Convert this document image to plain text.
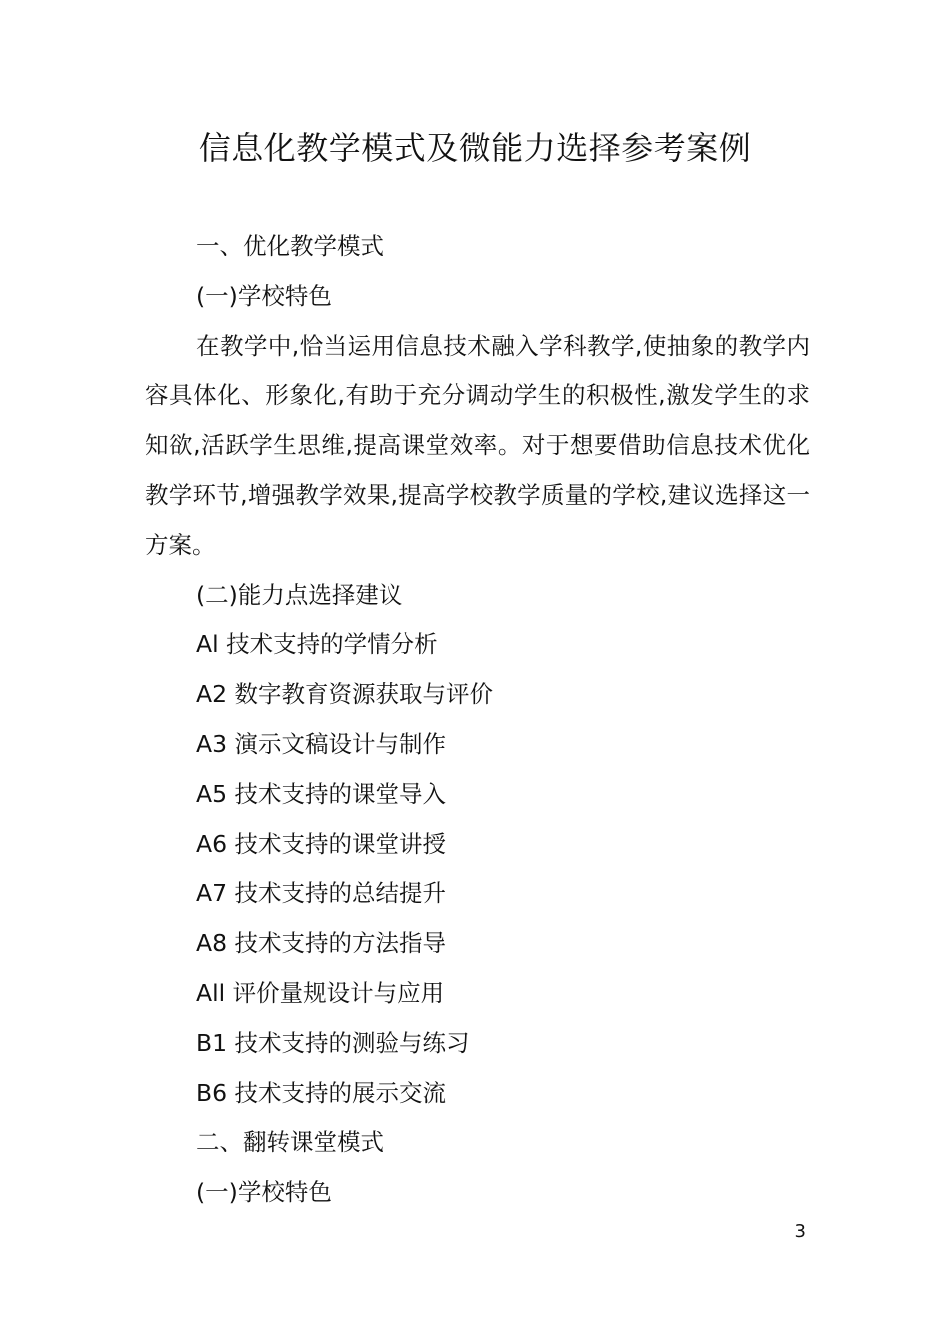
信息化教学模式及微能力选择参考案例

一、优化教学模式

(一)学校特色

在教学中,恰当运用信息技术融入学科教学,使抽象的教学内容具体化、形象化,有助于充分调动学生的积极性,激发学生的求知欲,活跃学生思维,提高课堂效率。对于想要借助信息技术优化教学环节,增强教学效果,提高学校教学质量的学校,建议选择这一方案。

(二)能力点选择建议

Al 技术支持的学情分析

A2 数字教育资源获取与评价

A3 演示文稿设计与制作

A5 技术支持的课堂导入

A6 技术支持的课堂讲授

A7 技术支持的总结提升

A8 技术支持的方法指导

All 评价量规设计与应用

B1 技术支持的测验与练习

B6 技术支持的展示交流

二、翻转课堂模式

(一)学校特色

3
